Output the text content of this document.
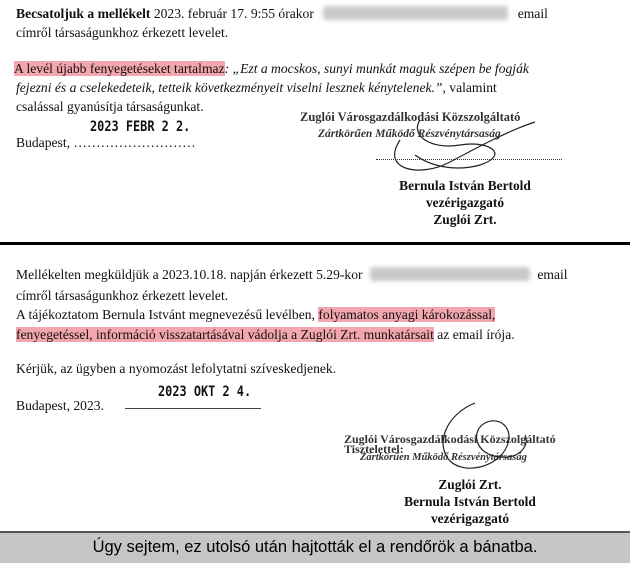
Becsatoljuk a mellékelt 2023. február 17. 9:55 órakor	email
címről társaságunkhoz érkezett levelet.
A levél újabb fenyegetéseket tartalmaz: „Ezt a mocskos, sunyi munkát maguk szépen be fogják
fejezni és a cselekedeteik, tetteik következményeit viselni lesznek kénytelenek.”, valamint
csalással gyanúsítja társaságunkat.
2023 FEBR 2 2.
Budapest, ………………………
Zuglói Városgazdálkodási Közszolgáltató
Zártkörűen Működő Részvénytársaság
Bernula István Bertold
vezérigazgató
Zuglói Zrt.
Mellékelten megküldjük a 2023.10.18. napján érkezett 5.29-kor	email
címről társaságunkhoz érkezett levelet.
A tájékoztatom Bernula Istvánt megnevezésű levélben, folyamatos anyagi károkozással,
fenyegetéssel, információ visszatartásával vádolja a Zuglói Zrt. munkatársait az email írója.
Kérjük, az ügyben a nyomozást lefolytatni szíveskedjenek.
Budapest, 2023.
2023 OKT 2 4.
Zuglói Városgazdálkodási Közszolgáltató
Tisztelettel:
Zártkörűen Működő Részvénytársaság
Zuglói Zrt.
Bernula István Bertold
vezérigazgató
Úgy sejtem, ez utolsó után hajtották el a rendőrök a bánatba.
